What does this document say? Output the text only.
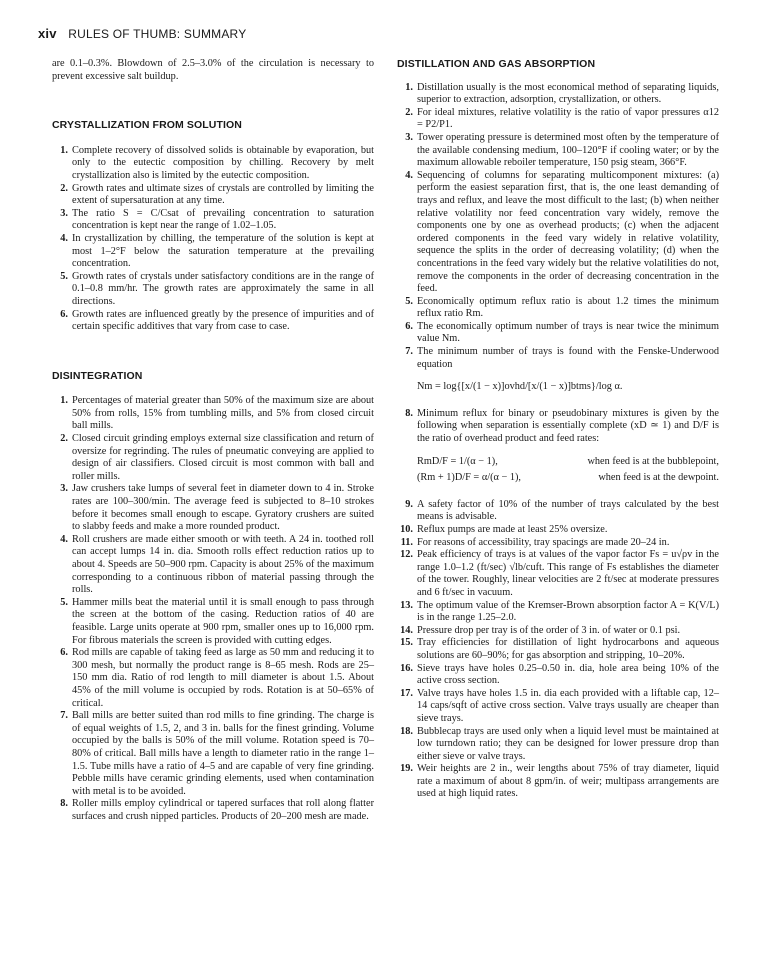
xiv RULES OF THUMB: SUMMARY

are 0.1–0.3%. Blowdown of 2.5–3.0% of the circulation is necessary to prevent excessive salt buildup.

CRYSTALLIZATION FROM SOLUTION
1. Complete recovery of dissolved solids is obtainable by evaporation, but only to the eutectic composition by chilling. Recovery by melt crystallization also is limited by the eutectic composition.
2. Growth rates and ultimate sizes of crystals are controlled by limiting the extent of supersaturation at any time.
3. The ratio S = C/Csat of prevailing concentration to saturation concentration is kept near the range of 1.02–1.05.
4. In crystallization by chilling, the temperature of the solution is kept at most 1–2°F below the saturation temperature at the prevailing concentration.
5. Growth rates of crystals under satisfactory conditions are in the range of 0.1–0.8 mm/hr. The growth rates are approximately the same in all directions.
6. Growth rates are influenced greatly by the presence of impurities and of certain specific additives that vary from case to case.
DISINTEGRATION
1. Percentages of material greater than 50% of the maximum size are about 50% from rolls, 15% from tumbling mills, and 5% from closed circuit ball mills.
2. Closed circuit grinding employs external size classification and return of oversize for regrinding. The rules of pneumatic conveying are applied to design of air classifiers. Closed circuit is most common with ball and roller mills.
3. Jaw crushers take lumps of several feet in diameter down to 4 in. Stroke rates are 100–300/min. The average feed is subjected to 8–10 strokes before it becomes small enough to escape. Gyratory crushers are suited to slabby feeds and make a more rounded product.
4. Roll crushers are made either smooth or with teeth. A 24 in. toothed roll can accept lumps 14 in. dia. Smooth rolls effect reduction ratios up to about 4. Speeds are 50–900 rpm. Capacity is about 25% of the maximum corresponding to a continuous ribbon of material passing through the rolls.
5. Hammer mills beat the material until it is small enough to pass through the screen at the bottom of the casing. Reduction ratios of 40 are feasible. Large units operate at 900 rpm, smaller ones up to 16,000 rpm. For fibrous materials the screen is provided with cutting edges.
6. Rod mills are capable of taking feed as large as 50 mm and reducing it to 300 mesh, but normally the product range is 8–65 mesh. Rods are 25–150 mm dia. Ratio of rod length to mill diameter is about 1.5. About 45% of the mill volume is occupied by rods. Rotation is at 50–65% of critical.
7. Ball mills are better suited than rod mills to fine grinding. The charge is of equal weights of 1.5, 2, and 3 in. balls for the finest grinding. Volume occupied by the balls is 50% of the mill volume. Rotation speed is 70–80% of critical. Ball mills have a length to diameter ratio in the range 1–1.5. Tube mills have a ratio of 4–5 and are capable of very fine grinding. Pebble mills have ceramic grinding elements, used when contamination with metal is to be avoided.
8. Roller mills employ cylindrical or tapered surfaces that roll along flatter surfaces and crush nipped particles. Products of 20–200 mesh are made.
DISTILLATION AND GAS ABSORPTION
1. Distillation usually is the most economical method of separating liquids, superior to extraction, adsorption, crystallization, or others.
2. For ideal mixtures, relative volatility is the ratio of vapor pressures α12 = P2/P1.
3. Tower operating pressure is determined most often by the temperature of the available condensing medium, 100–120°F if cooling water; or by the maximum allowable reboiler temperature, 150 psig steam, 366°F.
4. Sequencing of columns for separating multicomponent mixtures: (a) perform the easiest separation first, that is, the one least demanding of trays and reflux, and leave the most difficult to the last; (b) when neither relative volatility nor feed concentration vary widely, remove the components one by one as overhead products; (c) when the adjacent ordered components in the feed vary widely in relative volatility, sequence the splits in the order of decreasing volatility; (d) when the concentrations in the feed vary widely but the relative volatilities do not, remove the components in the order of decreasing concentration in the feed.
5. Economically optimum reflux ratio is about 1.2 times the minimum reflux ratio Rm.
6. The economically optimum number of trays is near twice the minimum value Nm.
7. The minimum number of trays is found with the Fenske-Underwood equation
Nm = log{[x/(1 − x)]ovhd/[x/(1 − x)]btms}/log α.
8. Minimum reflux for binary or pseudobinary mixtures is given by the following when separation is essentially complete (xD ≃ 1) and D/F is the ratio of overhead product and feed rates:
RmD/F = 1/(α − 1),	when feed is at the bubblepoint,
(Rm + 1)D/F = α/(α − 1),	when feed is at the dewpoint.
9. A safety factor of 10% of the number of trays calculated by the best means is advisable.
10. Reflux pumps are made at least 25% oversize.
11. For reasons of accessibility, tray spacings are made 20–24 in.
12. Peak efficiency of trays is at values of the vapor factor Fs = u√ρv in the range 1.0–1.2 (ft/sec) √lb/cuft. This range of Fs establishes the diameter of the tower. Roughly, linear velocities are 2 ft/sec at moderate pressures and 6 ft/sec in vacuum.
13. The optimum value of the Kremser-Brown absorption factor A = K(V/L) is in the range 1.25–2.0.
14. Pressure drop per tray is of the order of 3 in. of water or 0.1 psi.
15. Tray efficiencies for distillation of light hydrocarbons and aqueous solutions are 60–90%; for gas absorption and stripping, 10–20%.
16. Sieve trays have holes 0.25–0.50 in. dia, hole area being 10% of the active cross section.
17. Valve trays have holes 1.5 in. dia each provided with a liftable cap, 12–14 caps/sqft of active cross section. Valve trays usually are cheaper than sieve trays.
18. Bubblecap trays are used only when a liquid level must be maintained at low turndown ratio; they can be designed for lower pressure drop than either sieve or valve trays.
19. Weir heights are 2 in., weir lengths about 75% of tray diameter, liquid rate a maximum of about 8 gpm/in. of weir; multipass arrangements are used at high liquid rates.
